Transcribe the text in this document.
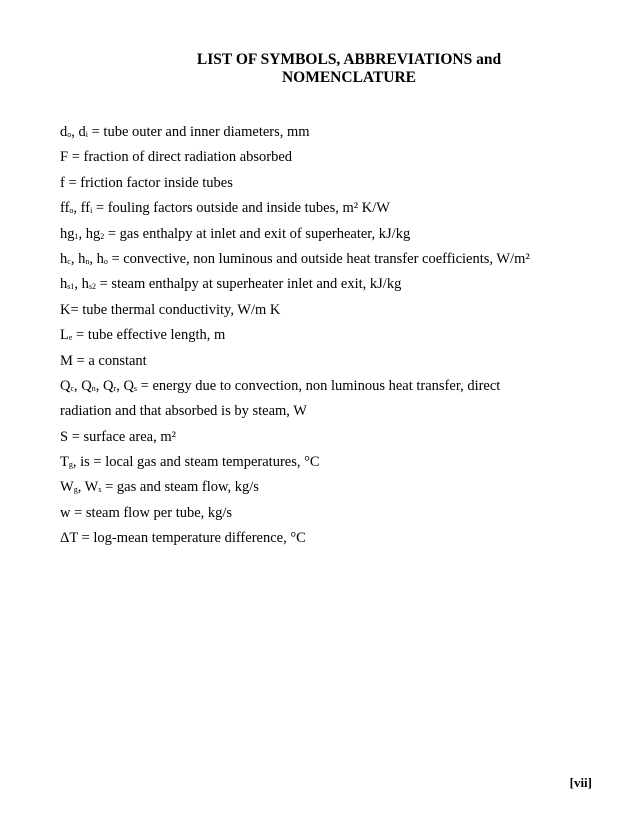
LIST OF SYMBOLS, ABBREVIATIONS and
NOMENCLATURE
$d_o$, $d_i$ = tube outer and inner diameters, mm
F = fraction of direct radiation absorbed
f = friction factor inside tubes
$ff_o$, $ff_i$ = fouling factors outside and inside tubes, m² K/W
$hg_1$, $hg_2$ = gas enthalpy at inlet and exit of superheater, kJ/kg
$h_c$, $h_n$, $h_o$ = convective, non luminous and outside heat transfer coefficients, W/m²
$h_{s1}$, $h_{s2}$ = steam enthalpy at superheater inlet and exit, kJ/kg
K= tube thermal conductivity, W/m K
$L_e$ = tube effective length, m
M = a constant
$Q_c$, $Q_n$, $Q_r$, $Q_s$ = energy due to convection, non luminous heat transfer, direct
radiation and that absorbed is by steam, W
S = surface area, m²
$T_g$, is = local gas and steam temperatures, °C
$W_g$, $W_s$ = gas and steam flow, kg/s
w = steam flow per tube, kg/s
ΔT = log-mean temperature difference, °C
[vii]
